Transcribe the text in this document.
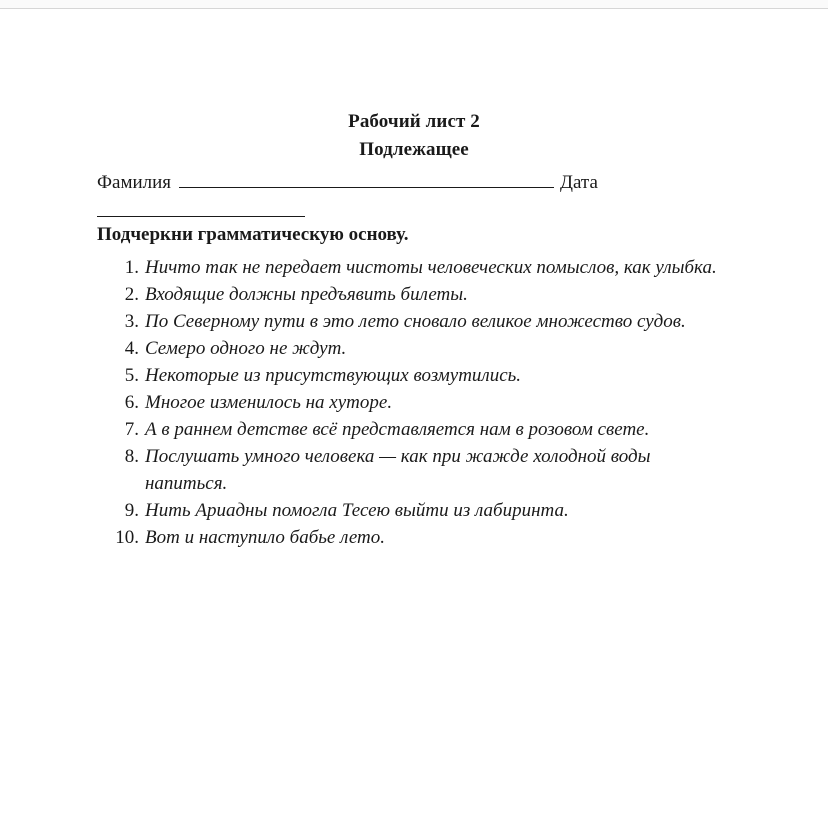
Рабочий лист 2
Подлежащее
Фамилия	Дата
Подчеркни грамматическую основу.
1. Ничто так не передает чистоты человеческих помыслов, как улыбка.
2. Входящие должны предъявить билеты.
3. По Северному пути в это лето сновало великое множество судов.
4. Семеро одного не ждут.
5. Некоторые из присутствующих возмутились.
6. Многое изменилось на хуторе.
7. А в раннем детстве всё представляется нам в розовом свете.
8. Послушать умного человека — как при жажде холодной воды напиться.
9. Нить Ариадны помогла Тесею выйти из лабиринта.
10. Вот и наступило бабье лето.
